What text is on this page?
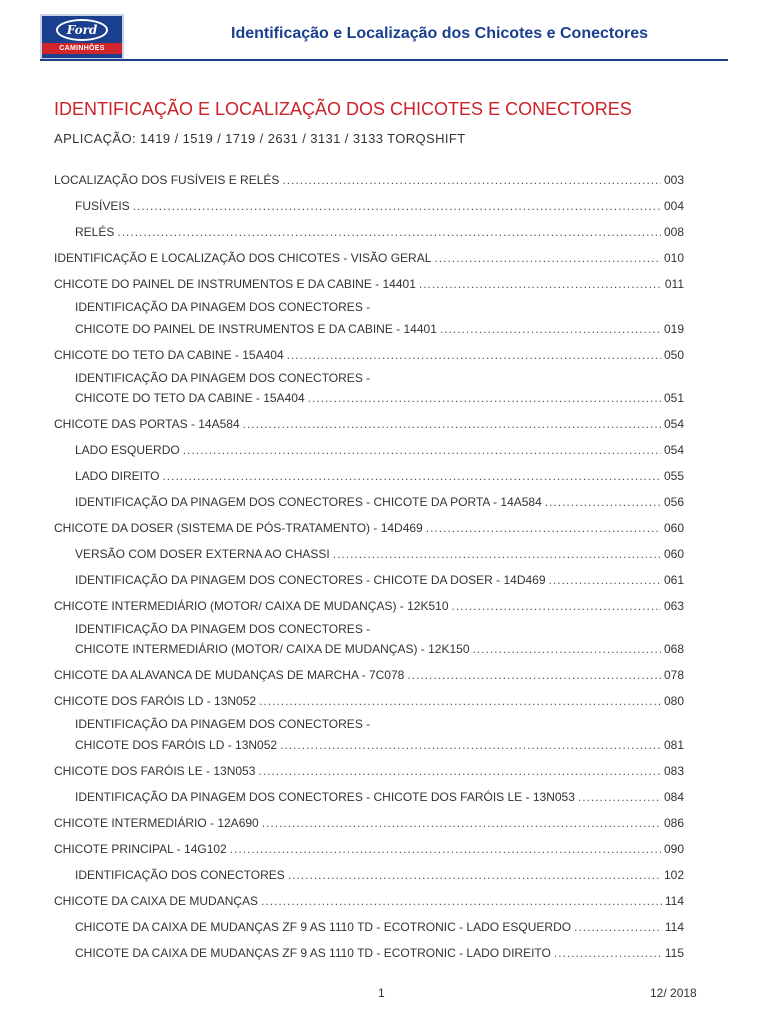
Ford
CAMINHÕES
Identificação e Localização dos Chicotes e Conectores
IDENTIFICAÇÃO E LOCALIZAÇÃO DOS CHICOTES E CONECTORES
APLICAÇÃO: 1419 / 1519 / 1719 / 2631 / 3131 / 3133 TORQSHIFT
LOCALIZAÇÃO DOS FUSÍVEIS E RELÉS .....	003
FUSÍVEIS .....	004
RELÉS .....	008
IDENTIFICAÇÃO E LOCALIZAÇÃO DOS CHICOTES - VISÃO GERAL .....	010
CHICOTE DO PAINEL DE INSTRUMENTOS E DA CABINE - 14401 .....	011
IDENTIFICAÇÃO DA PINAGEM DOS CONECTORES -
CHICOTE DO PAINEL DE INSTRUMENTOS E DA CABINE - 14401 .....	019
CHICOTE DO TETO DA CABINE - 15A404 .....	050
IDENTIFICAÇÃO DA PINAGEM DOS CONECTORES -
CHICOTE DO TETO DA CABINE - 15A404 .....	051
CHICOTE DAS PORTAS - 14A584 .....	054
LADO ESQUERDO .....	054
LADO DIREITO .....	055
IDENTIFICAÇÃO DA PINAGEM DOS CONECTORES - CHICOTE DA PORTA - 14A584 .....	056
CHICOTE DA DOSER (SISTEMA DE PÓS-TRATAMENTO) - 14D469 .....	060
VERSÃO COM DOSER EXTERNA AO CHASSI .....	060
IDENTIFICAÇÃO DA PINAGEM DOS CONECTORES - CHICOTE DA DOSER - 14D469 .....	061
CHICOTE INTERMEDIÁRIO (MOTOR/ CAIXA DE MUDANÇAS) - 12K510 .....	063
IDENTIFICAÇÃO DA PINAGEM DOS CONECTORES -
CHICOTE INTERMEDIÁRIO (MOTOR/ CAIXA DE MUDANÇAS) - 12K150 .....	068
CHICOTE DA ALAVANCA DE MUDANÇAS DE MARCHA - 7C078 .....	078
CHICOTE DOS FARÓIS LD - 13N052 .....	080
IDENTIFICAÇÃO DA PINAGEM DOS CONECTORES -
CHICOTE DOS FARÓIS LD - 13N052 .....	081
CHICOTE DOS FARÓIS LE - 13N053 .....	083
IDENTIFICAÇÃO DA PINAGEM DOS CONECTORES - CHICOTE DOS FARÓIS LE - 13N053 .....	084
CHICOTE INTERMEDIÁRIO - 12A690 .....	086
CHICOTE PRINCIPAL - 14G102 .....	090
IDENTIFICAÇÃO DOS CONECTORES .....	102
CHICOTE DA CAIXA DE MUDANÇAS .....	114
CHICOTE DA CAIXA DE MUDANÇAS ZF 9 AS 1110 TD - ECOTRONIC - LADO ESQUERDO .....	114
CHICOTE DA CAIXA DE MUDANÇAS ZF 9 AS 1110 TD - ECOTRONIC - LADO DIREITO .....	115
1	12/ 2018
